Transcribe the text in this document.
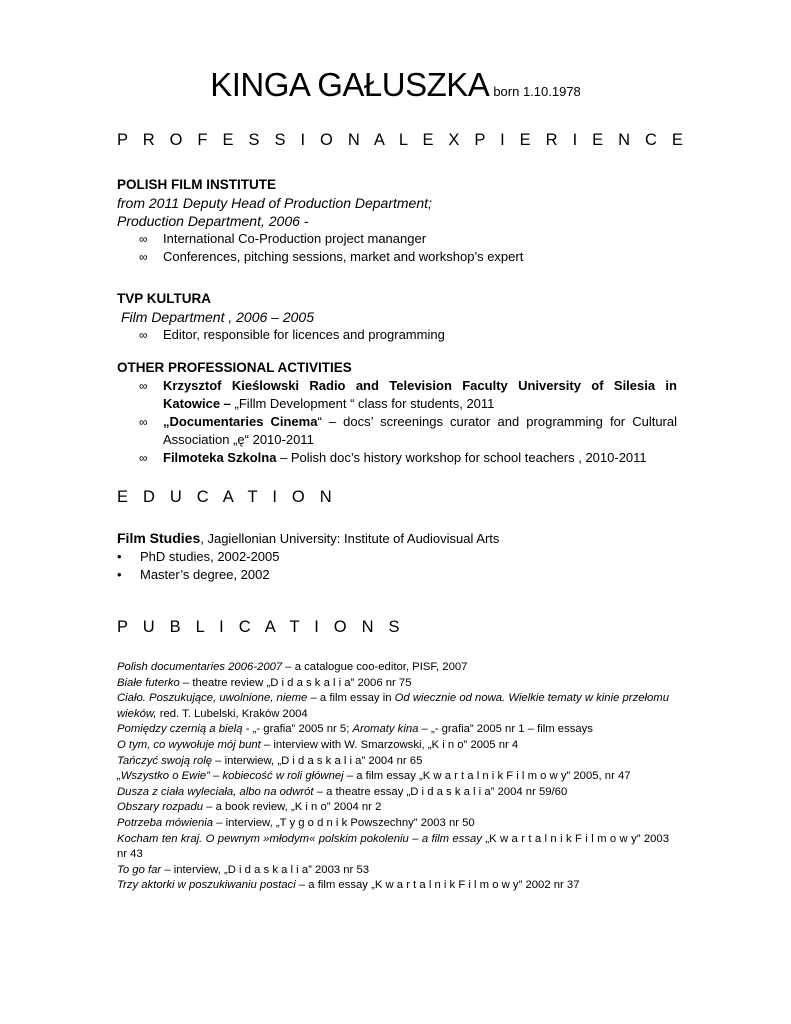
KINGA GAŁUSZKA born 1.10.1978
P R O F E S S I O N A L E X P I E R I E N C E
POLISH FILM INSTITUTE
from 2011 Deputy Head of Production Department;
Production Department, 2006 -
∞ International Co-Production project mananger
∞ Conferences, pitching sessions, market and workshop’s expert
TVP KULTURA
Film Department , 2006 – 2005
∞ Editor, responsible for licences and programming
OTHER PROFESSIONAL ACTIVITIES
∞ Krzysztof Kieślowski Radio and Television Faculty University of Silesia in Katowice – „Fillm Development “ class for students, 2011
∞ „Documentaries Cinema“ – docs’ screenings curator and programming for Cultural Association „ę“ 2010-2011
∞ Filmoteka Szkolna – Polish doc’s history workshop for school teachers , 2010-2011
E D U C A T I O N
Film Studies, Jagiellonian University: Institute of Audiovisual Arts
• PhD studies, 2002-2005
• Master’s degree, 2002
P U B L I C A T I O N S

Polish documentaries 2006-2007 – a catalogue coo-editor, PISF, 2007

Białe futerko – theatre review „D i d a s k a l i a” 2006 nr 75

Ciało. Poszukujące, uwolnione, nieme – a film essay in Od wiecznie od nowa. Wielkie tematy w kinie przełomu wieków, red. T. Lubelski, Kraków 2004

Pomiędzy czernią a bielą - „- grafia” 2005 nr 5; Aromaty kina – „- grafia” 2005 nr 1 – film essays

O tym, co wywołuje mój bunt – interview with W. Smarzowski, „K i n o” 2005 nr 4

Tańczyć swoją rolę – interwiew, „D i d a s k a l i a” 2004 nr 65

„Wszystko o Ewie” – kobiecość w roli głównej – a film essay „K w a r t a l n i k F i l m o w y” 2005, nr 47

Dusza z ciała wyleciała, albo na odwrót – a theatre essay „D i d a s k a l i a” 2004 nr 59/60

Obszary rozpadu – a book review, „K i n o” 2004 nr 2

Potrzeba mówienia – interview, „T y g o d n i k Powszechny” 2003 nr 50

Kocham ten kraj. O pewnym »młodym« polskim pokoleniu – a film essay „K w a r t a l n i k F i l m o w y” 2003 nr 43

To go far – interview, „D i d a s k a l i a” 2003 nr 53

Trzy aktorki w poszukiwaniu postaci – a film essay „K w a r t a l n i k F i l m o w y” 2002 nr 37
